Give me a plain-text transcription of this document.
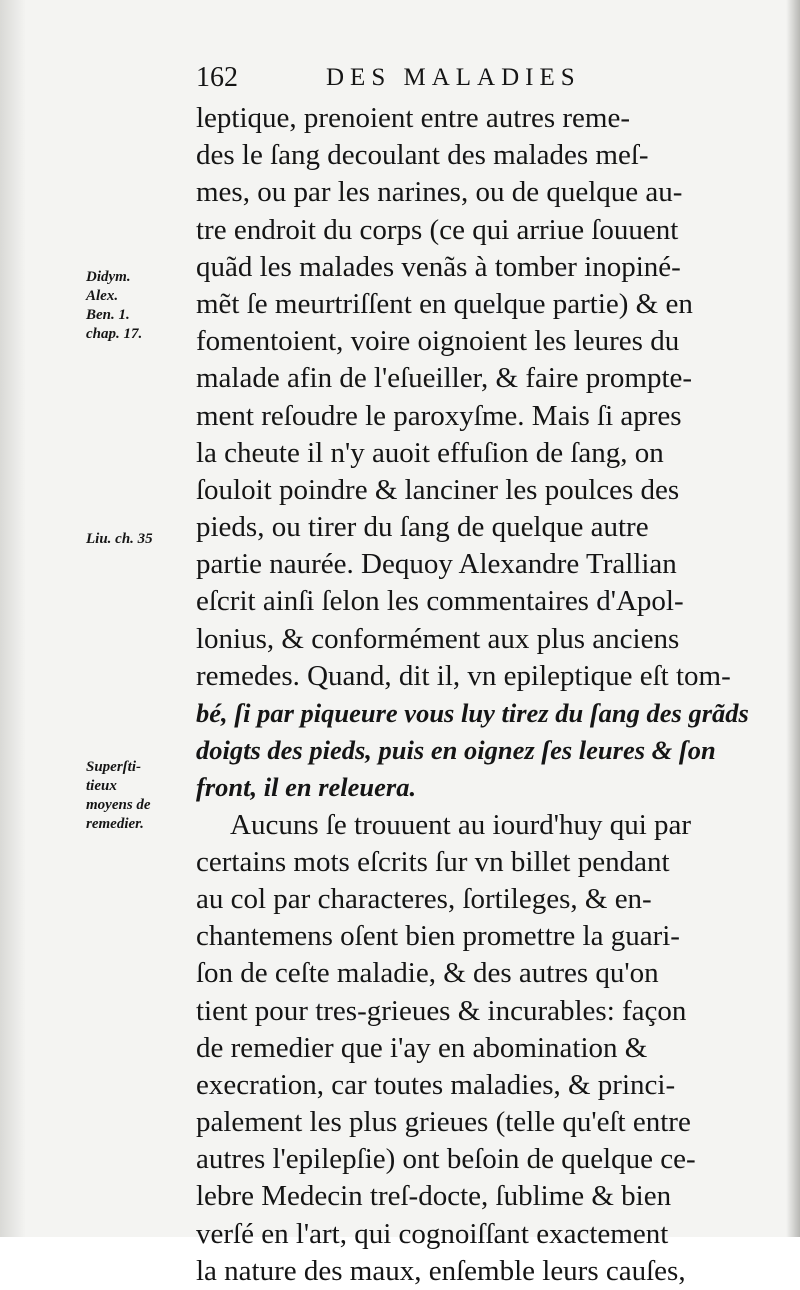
162	DES MALADIES
Didym.
Alex.
Ben. 1.
chap. 17.
Liu. ch. 35
Superſti-
tieux
moyens de
remedier.
leptique, prenoient entre autres reme-
des le ſang decoulant des malades meſ-
mes, ou par les narines, ou de quelque au-
tre endroit du corps (ce qui arriue ſouuent
quãd les malades venãs à tomber inopiné-
mẽt ſe meurtriſſent en quelque partie) & en
fomentoient, voire oignoient les leures du
malade afin de l'eſueiller, & faire prompte-
ment reſoudre le paroxyſme. Mais ſi apres
la cheute il n'y auoit effuſion de ſang, on
ſouloit poindre & lanciner les poulces des
pieds, ou tirer du ſang de quelque autre
partie naurée. Dequoy Alexandre Trallian
eſcrit ainſi ſelon les commentaires d'Apol-
lonius, & conformément aux plus anciens
remedes. Quand, dit il, vn epileptique eſt tom-
bé, ſi par piqueure vous luy tirez du ſang des grãds
doigts des pieds, puis en oignez ſes leures & ſon
front, il en releuera.
Aucuns ſe trouuent au iourd'huy qui par
certains mots eſcrits ſur vn billet pendant
au col par characteres, ſortileges, & en-
chantemens oſent bien promettre la guari-
ſon de ceſte maladie, & des autres qu'on
tient pour tres-grieues & incurables: façon
de remedier que i'ay en abomination &
execration, car toutes maladies, & princi-
palement les plus grieues (telle qu'eſt entre
autres l'epilepſie) ont beſoin de quelque ce-
lebre Medecin treſ-docte, ſublime & bien
verſé en l'art, qui cognoiſſant exactement
la nature des maux, enſemble leurs cauſes,
